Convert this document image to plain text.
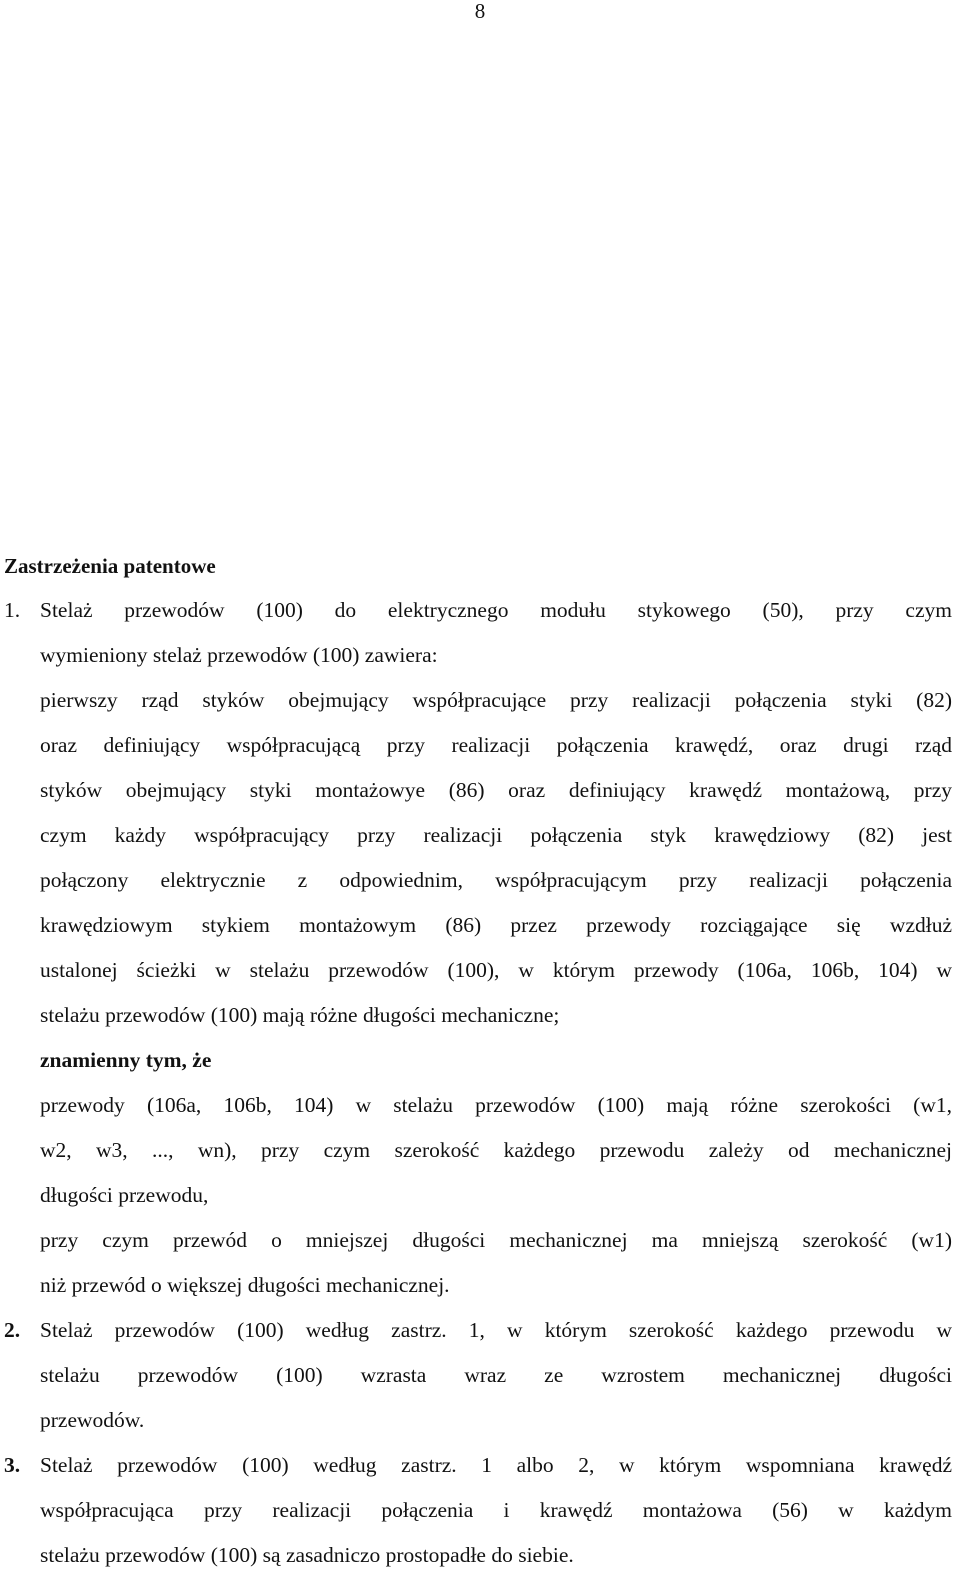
8
Zastrzeżenia patentowe
1. Stelaż przewodów (100) do elektrycznego modułu stykowego (50), przy czym
wymieniony stelaż przewodów (100) zawiera:
pierwszy rząd styków obejmujący współpracujące przy realizacji połączenia styki (82)
oraz definiujący współpracującą przy realizacji połączenia krawędź, oraz drugi rząd
styków obejmujący styki montażowye (86) oraz definiujący krawędź montażową, przy
czym każdy współpracujący przy realizacji połączenia styk krawędziowy (82) jest
połączony elektrycznie z odpowiednim, współpracującym przy realizacji połączenia
krawędziowym stykiem montażowym (86) przez przewody rozciągające się wzdłuż
ustalonej ścieżki w stelażu przewodów (100), w którym przewody (106a, 106b, 104) w
stelażu przewodów (100) mają różne długości mechaniczne;
znamienny tym, że
przewody (106a, 106b, 104) w stelażu przewodów (100) mają różne szerokości (w1,
w2, w3, ..., wn), przy czym szerokość każdego przewodu zależy od mechanicznej
długości przewodu,
przy czym przewód o mniejszej długości mechanicznej ma mniejszą szerokość (w1)
niż przewód o większej długości mechanicznej.
2. Stelaż przewodów (100) według zastrz. 1, w którym szerokość każdego przewodu w
stelażu przewodów (100) wzrasta wraz ze wzrostem mechanicznej długości
przewodów.
3. Stelaż przewodów (100) według zastrz. 1 albo 2, w którym wspomniana krawędź
współpracująca przy realizacji połączenia i krawędź montażowa (56) w każdym
stelażu przewodów (100) są zasadniczo prostopadłe do siebie.
